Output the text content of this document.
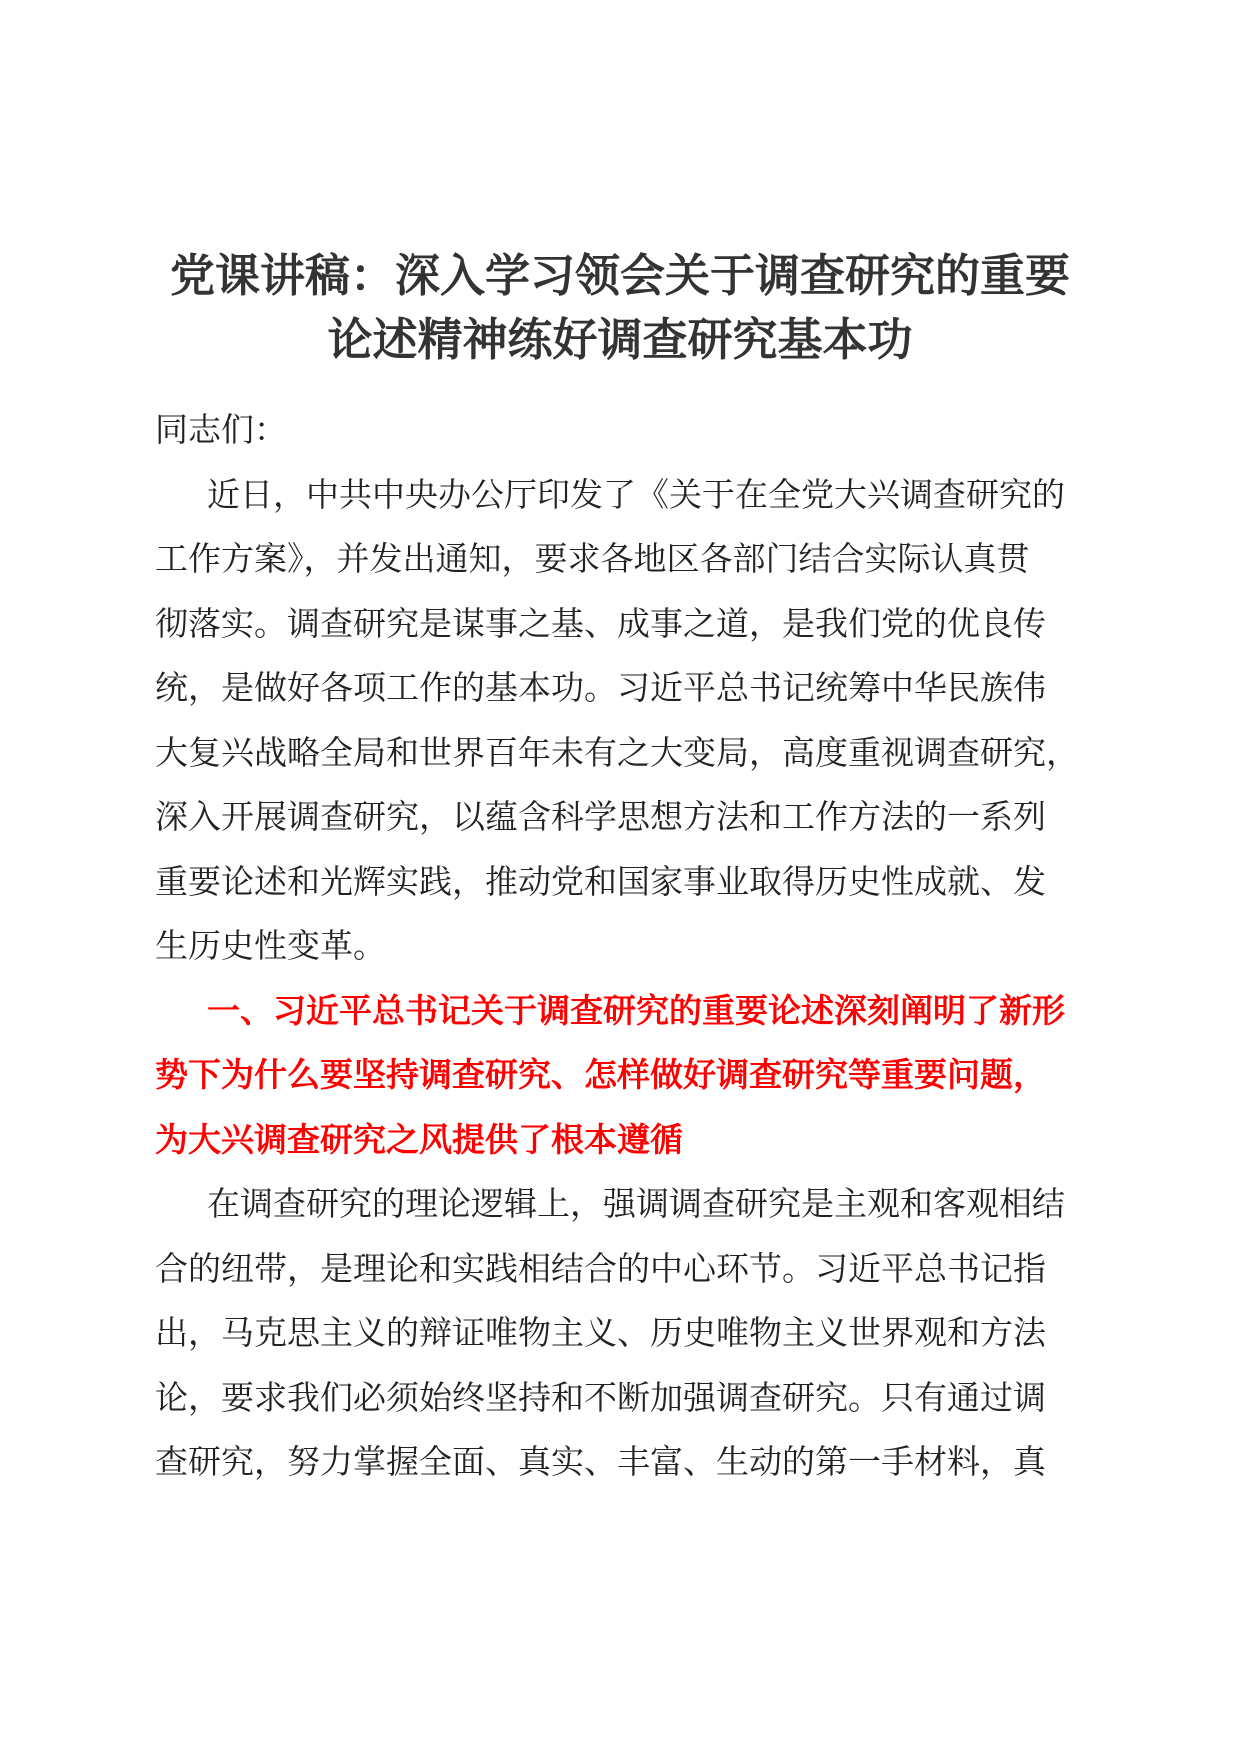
党课讲稿：深入学习领会关于调查研究的重要
论述精神练好调查研究基本功
同志们：
近日，中共中央办公厅印发了《关于在全党大兴调查研究的
工作方案》，并发出通知，要求各地区各部门结合实际认真贯
彻落实。调查研究是谋事之基、成事之道，是我们党的优良传
统，是做好各项工作的基本功。习近平总书记统筹中华民族伟
大复兴战略全局和世界百年未有之大变局，高度重视调查研究，
深入开展调查研究，以蕴含科学思想方法和工作方法的一系列
重要论述和光辉实践，推动党和国家事业取得历史性成就、发
生历史性变革。
一、习近平总书记关于调查研究的重要论述深刻阐明了新形
势下为什么要坚持调查研究、怎样做好调查研究等重要问题，
为大兴调查研究之风提供了根本遵循
在调查研究的理论逻辑上，强调调查研究是主观和客观相结
合的纽带，是理论和实践相结合的中心环节。习近平总书记指
出，马克思主义的辩证唯物主义、历史唯物主义世界观和方法
论，要求我们必须始终坚持和不断加强调查研究。只有通过调
查研究，努力掌握全面、真实、丰富、生动的第一手材料，真
